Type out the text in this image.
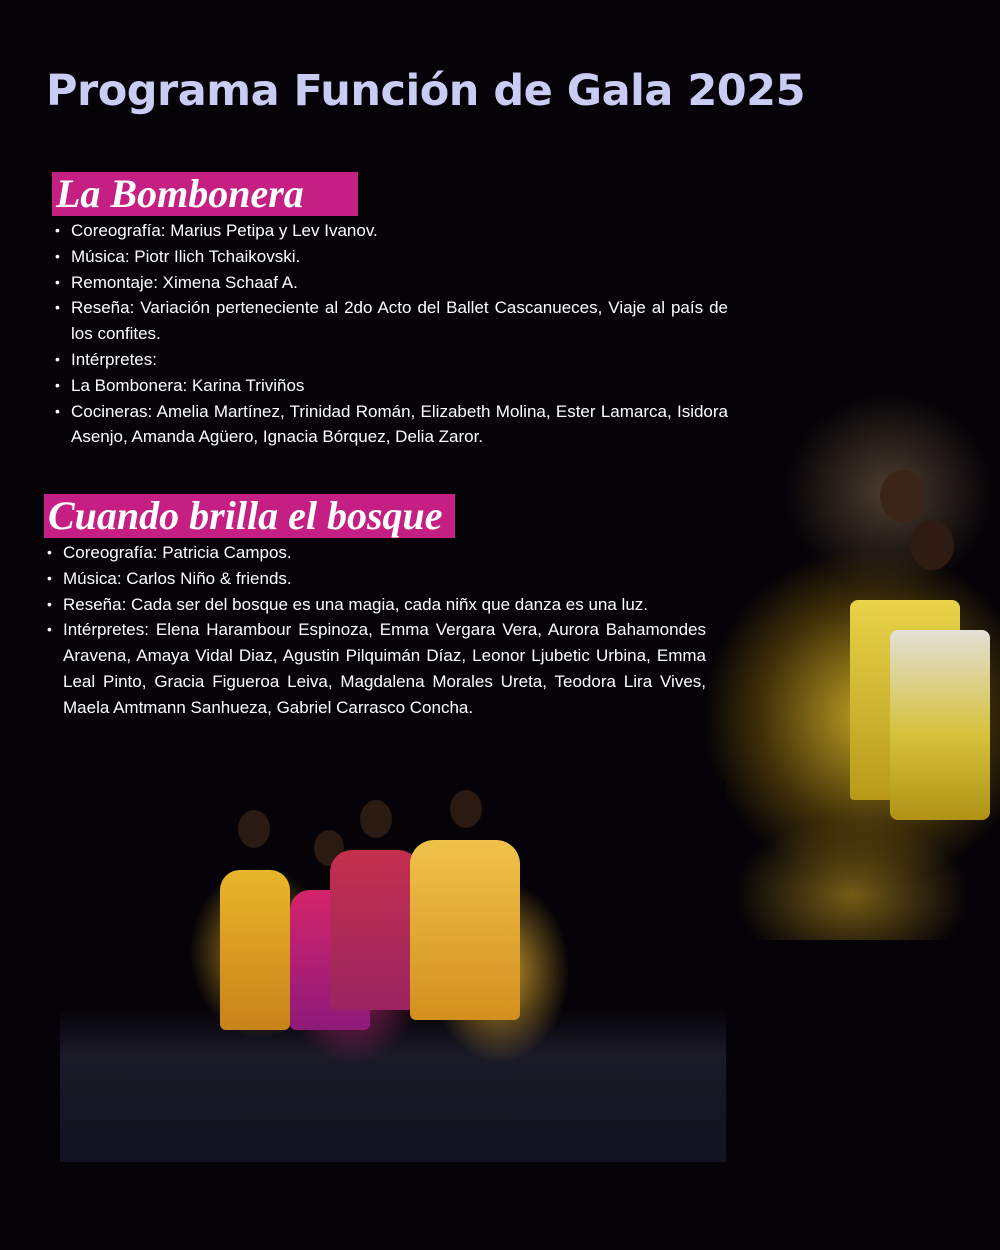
Programa Función de Gala 2025
La Bombonera
• Coreografía: Marius Petipa y Lev Ivanov.
• Música: Piotr Ilich Tchaikovski.
• Remontaje: Ximena Schaaf A.
• Reseña: Variación perteneciente al 2do Acto del Ballet Cascanueces, Viaje al país de los confites.
• Intérpretes:
• La Bombonera: Karina Triviños
• Cocineras: Amelia Martínez, Trinidad Román, Elizabeth Molina, Ester Lamarca, Isidora Asenjo, Amanda Agüero, Ignacia Bórquez, Delia Zaror.
Cuando brilla el bosque
• Coreografía: Patricia Campos.
• Música: Carlos Niño & friends.
• Reseña: Cada ser del bosque es una magia, cada niñx que danza es una luz.
• Intérpretes: Elena Harambour Espinoza, Emma Vergara Vera, Aurora Bahamondes Aravena, Amaya Vidal Diaz, Agustin Pilquimán Díaz, Leonor Ljubetic Urbina, Emma Leal Pinto, Gracia Figueroa Leiva, Magdalena Morales Ureta, Teodora Lira Vives, Maela Amtmann Sanhueza, Gabriel Carrasco Concha.
